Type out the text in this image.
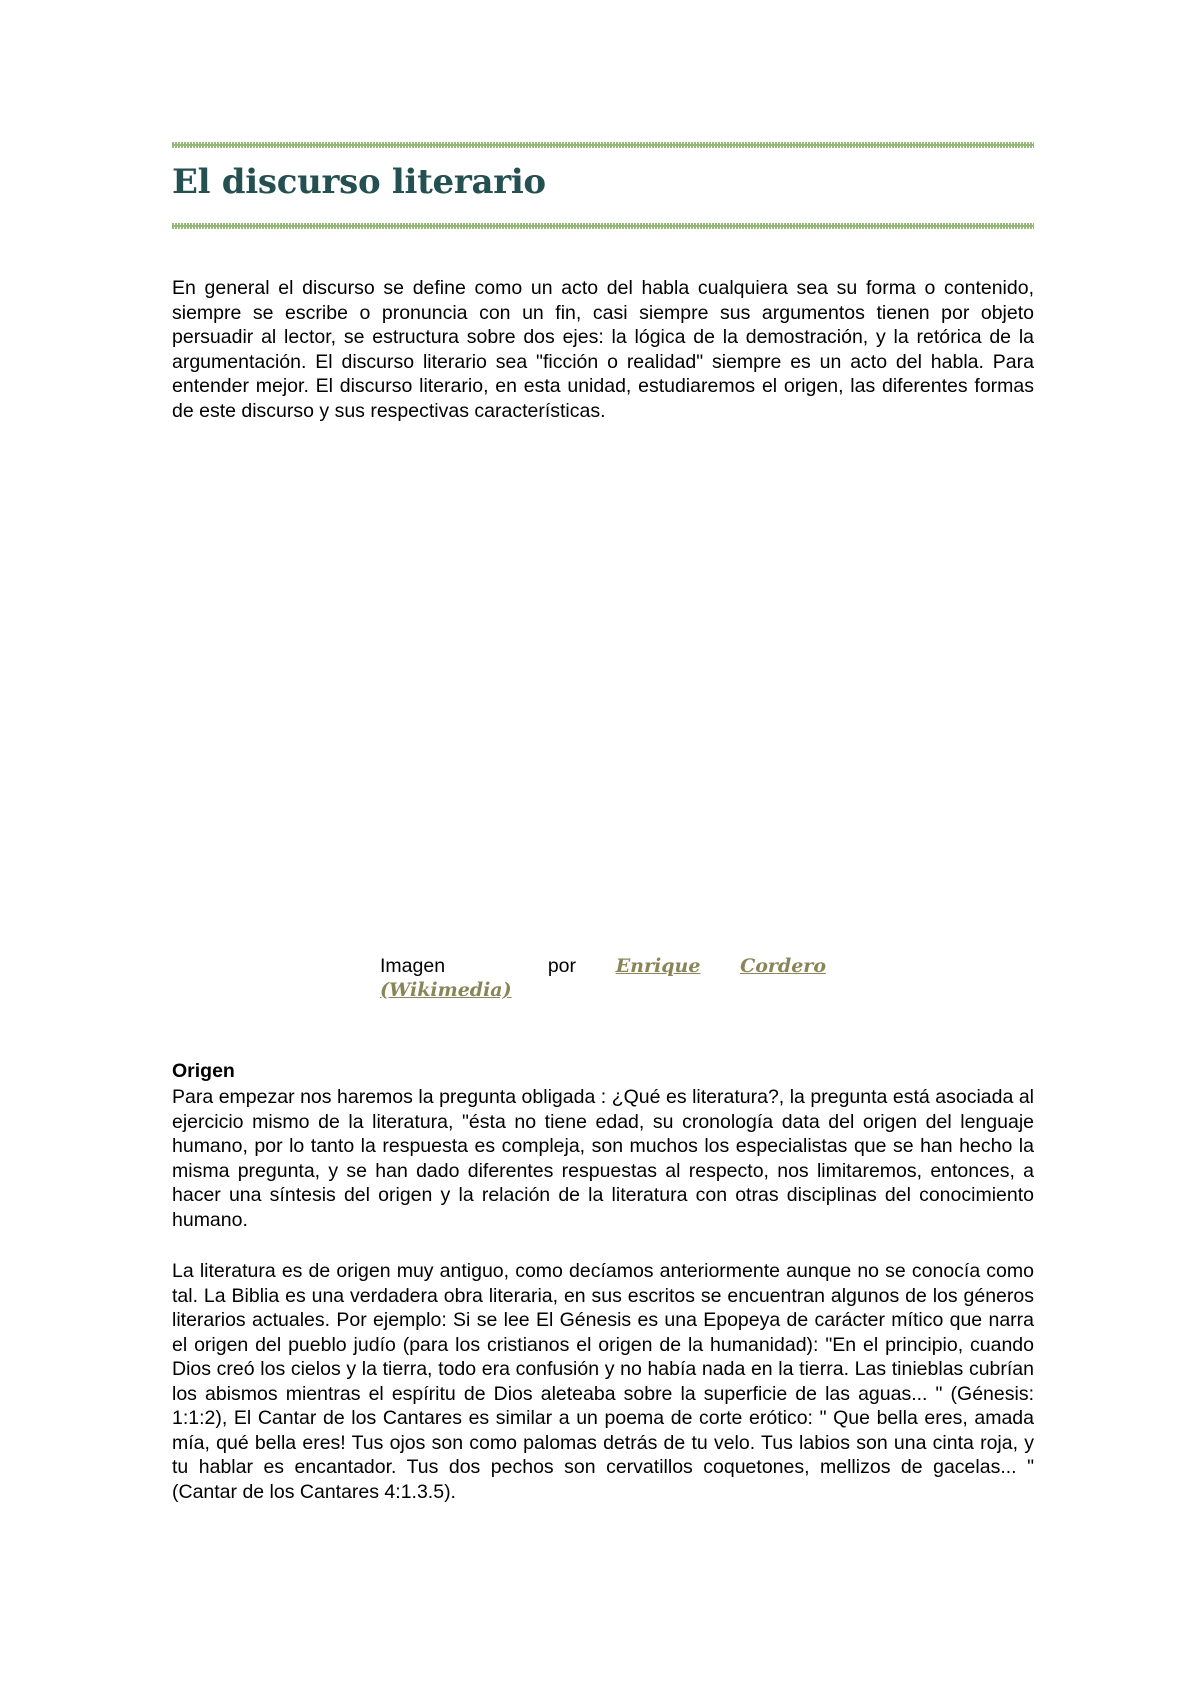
El discurso literario

En general el discurso se define como un acto del habla cualquiera sea su forma o contenido, siempre se escribe o pronuncia con un fin, casi siempre sus argumentos tienen por objeto persuadir al lector, se estructura sobre dos ejes: la lógica de la demostración, y la retórica de la argumentación. El discurso literario sea "ficción o realidad" siempre es un acto del habla. Para entender mejor. El discurso literario, en esta unidad, estudiaremos el origen, las diferentes formas de este discurso y sus respectivas características.

Imagen	por Enrique Cordero
(Wikimedia)
Origen

Para empezar nos haremos la pregunta obligada : ¿Qué es literatura?, la pregunta está asociada al ejercicio mismo de la literatura, "ésta no tiene edad, su cronología data del origen del lenguaje humano, por lo tanto la respuesta es compleja, son muchos los especialistas que se han hecho la misma pregunta, y se han dado diferentes respuestas al respecto, nos limitaremos, entonces, a hacer una síntesis del origen y la relación de la literatura con otras disciplinas del conocimiento humano.

La literatura es de origen muy antiguo, como decíamos anteriormente aunque no se conocía como tal. La Biblia es una verdadera obra literaria, en sus escritos se encuentran algunos de los géneros literarios actuales. Por ejemplo: Si se lee El Génesis es una Epopeya de carácter mítico que narra el origen del pueblo judío (para los cristianos el origen de la humanidad): "En el principio, cuando Dios creó los cielos y la tierra, todo era confusión y no había nada en la tierra. Las tinieblas cubrían los abismos mientras el espíritu de Dios aleteaba sobre la superficie de las aguas... " (Génesis: 1:1:2), El Cantar de los Cantares es similar a un poema de corte erótico: " Que bella eres, amada mía, qué bella eres! Tus ojos son como palomas detrás de tu velo. Tus labios son una cinta roja, y tu hablar es encantador. Tus dos pechos son cervatillos coquetones, mellizos de gacelas... " (Cantar de los Cantares 4:1.3.5).
